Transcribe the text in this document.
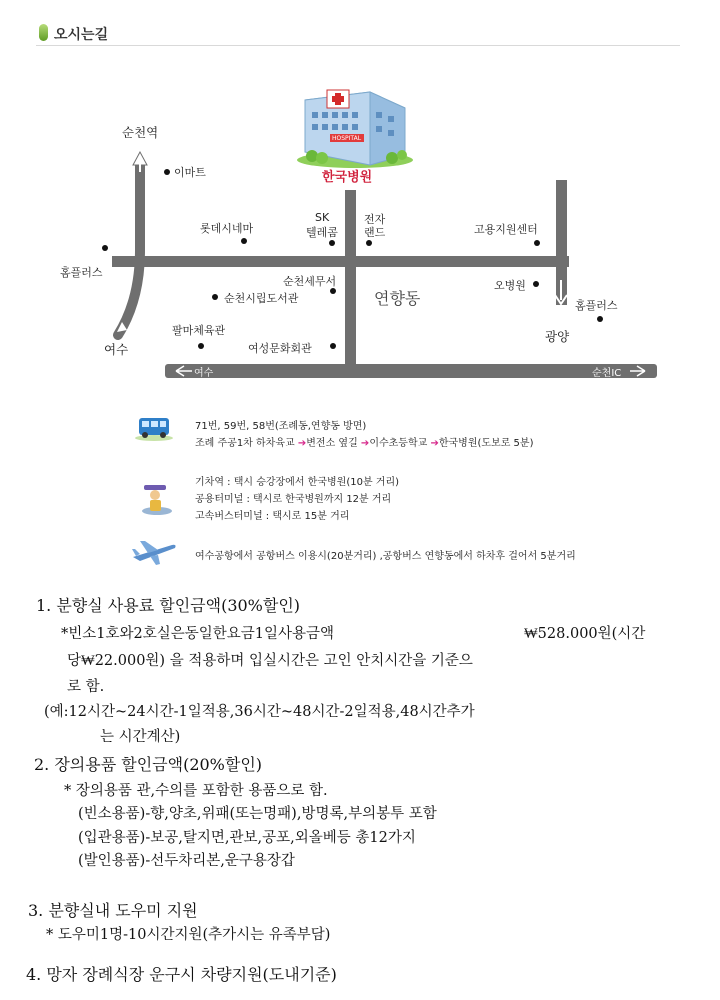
오시는길
HOSPITAL
한국병원
순천역
이마트
롯데시네마
SK
텔레콤
전자
랜드	고용지원센터
홈플러스
순천세무서
순천시립도서관	연향동
오병원
홈플러스
팔마체육관
여성문화회관
여수
광양
여수	순천IC
71번, 59번, 58번(조례동,연향동 방면)
조례 주공1차 하차육교 ➔변전소 옆길 ➔이수초등학교 ➔한국병원(도보로 5분)
기차역 : 택시 승강장에서 한국병원(10분 거리)
공용터미널 : 택시로 한국병원까지 12분 거리
고속버스터미널 : 택시로 15분 거리
여수공항에서 공항버스 이용시(20분거리) ,공항버스 연향동에서 하차후 걸어서 5분거리
1. 분향실 사용료 할인금액(30%할인)
*빈소1호와2호실은동일한요금1일사용금액	₩528.000원(시간
당₩22.000원) 을 적용하며 입실시간은 고인 안치시간을 기준으
로 함.
(예:12시간~24시간-1일적용,36시간~48시간-2일적용,48시간추가
는 시간계산)
2. 장의용품 할인금액(20%할인)
* 장의용품 관,수의를 포함한 용품으로 함.
(빈소용품)-향,양초,위패(또는명패),방명록,부의봉투 포함
(입관용품)-보공,탈지면,관보,공포,외올베등 총12가지
(발인용품)-선두차리본,운구용장갑
3. 분향실내 도우미 지원
* 도우미1명-10시간지원(추가시는 유족부담)
4. 망자 장례식장 운구시 차량지원(도내기준)
